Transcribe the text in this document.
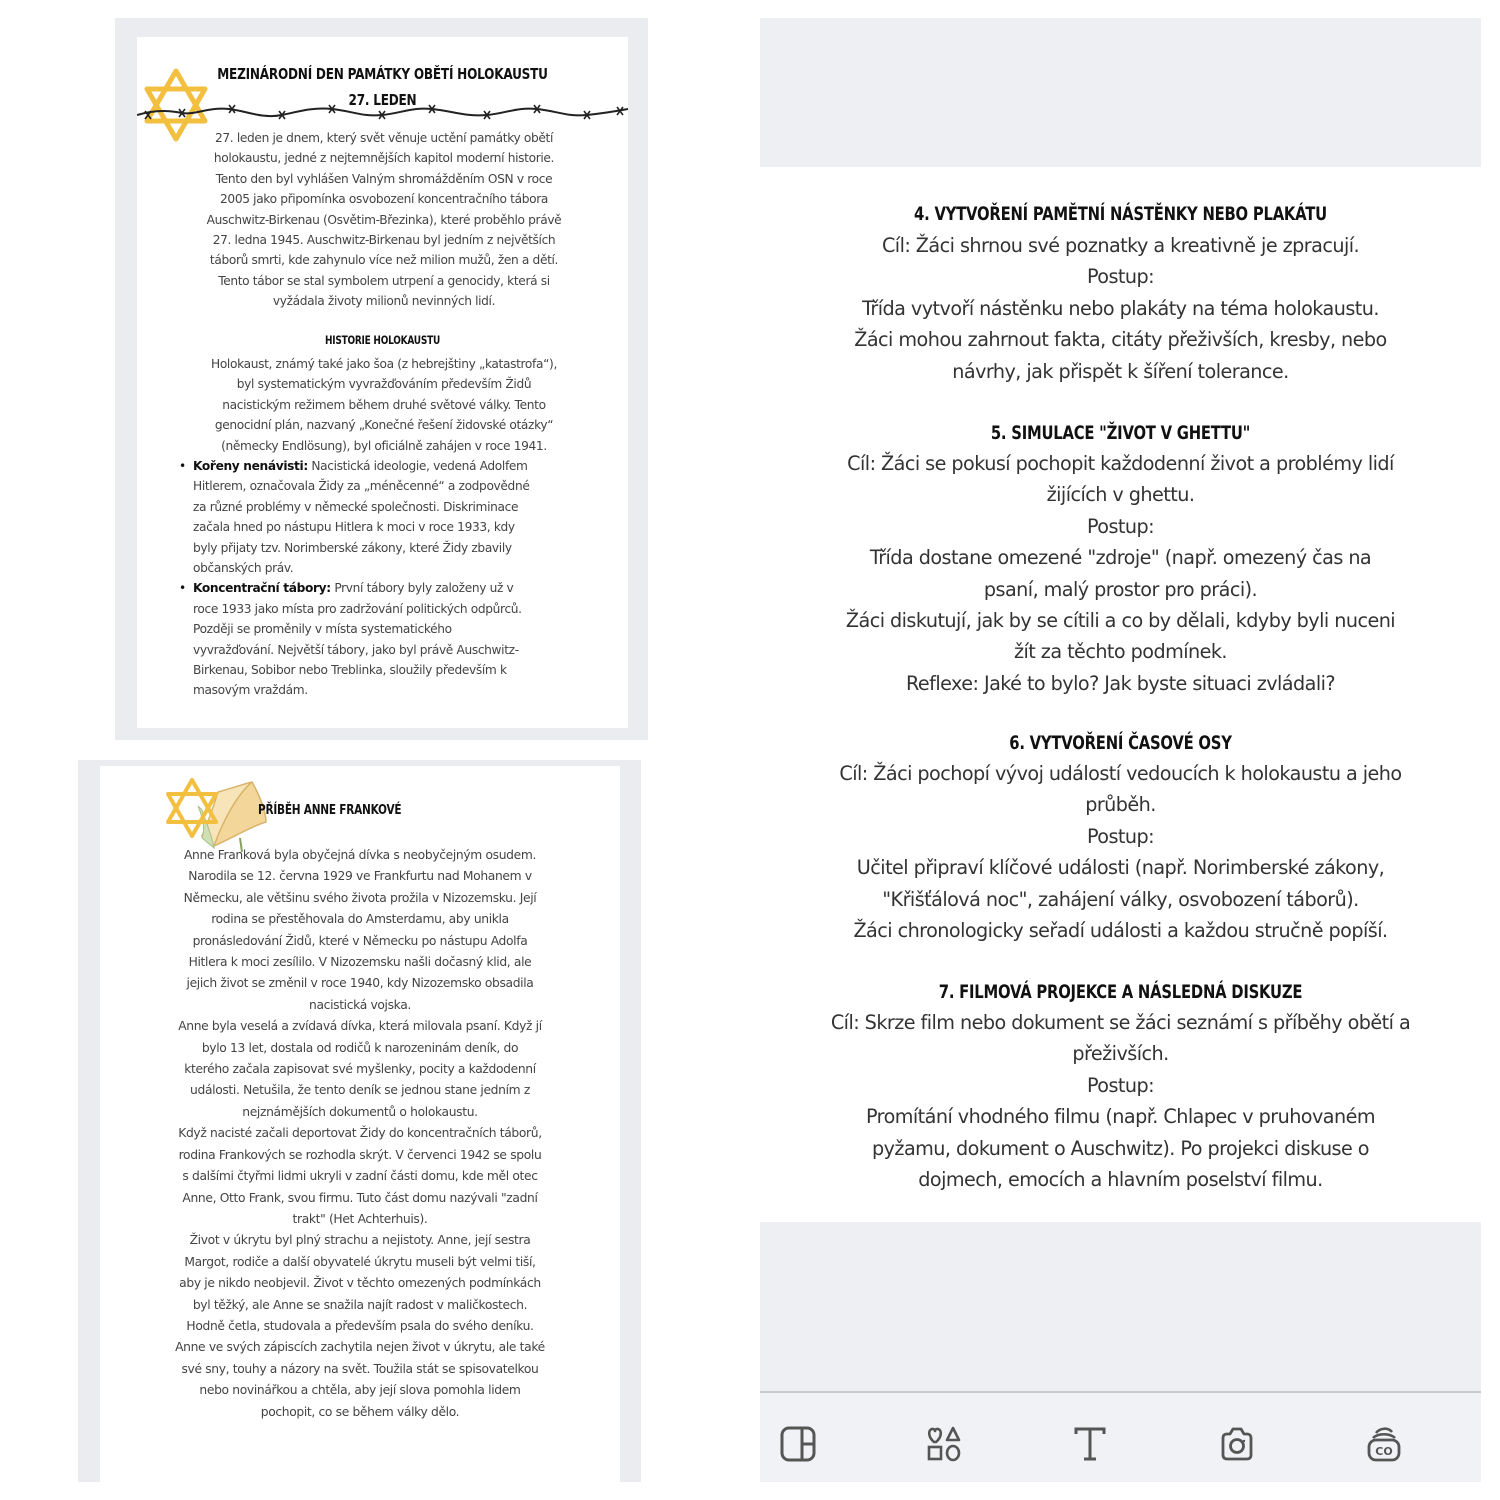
MEZINÁRODNÍ DEN PAMÁTKY OBĚTÍ HOLOKAUSTU
27. LEDEN
27. leden je dnem, který svět věnuje uctění památky obětí
holokaustu, jedné z nejtemnějších kapitol moderní historie.
Tento den byl vyhlášen Valným shromážděním OSN v roce
2005 jako připomínka osvobození koncentračního tábora
Auschwitz-Birkenau (Osvětim-Březinka), které proběhlo právě
27. ledna 1945. Auschwitz-Birkenau byl jedním z největších
táborů smrti, kde zahynulo více než milion mužů, žen a dětí.
Tento tábor se stal symbolem utrpení a genocidy, která si
vyžádala životy milionů nevinných lidí.
HISTORIE HOLOKAUSTU
Holokaust, známý také jako šoa (z hebrejštiny „katastrofa“),
byl systematickým vyvražďováním především Židů
nacistickým režimem během druhé světové války. Tento
genocidní plán, nazvaný „Konečné řešení židovské otázky“
(německy Endlösung), byl oficiálně zahájen v roce 1941.
• Kořeny nenávisti: Nacistická ideologie, vedená Adolfem
Hitlerem, označovala Židy za „méněcenné“ a zodpovědné
za různé problémy v německé společnosti. Diskriminace
začala hned po nástupu Hitlera k moci v roce 1933, kdy
byly přijaty tzv. Norimberské zákony, které Židy zbavily
občanských práv.
• Koncentrační tábory: První tábory byly založeny už v
roce 1933 jako místa pro zadržování politických odpůrců.
Později se proměnily v místa systematického
vyvražďování. Největší tábory, jako byl právě Auschwitz-
Birkenau, Sobibor nebo Treblinka, sloužily především k
masovým vraždám.
PŘÍBĚH ANNE FRANKOVÉ
Anne Franková byla obyčejná dívka s neobyčejným osudem.
Narodila se 12. června 1929 ve Frankfurtu nad Mohanem v
Německu, ale většinu svého života prožila v Nizozemsku. Její
rodina se přestěhovala do Amsterdamu, aby unikla
pronásledování Židů, které v Německu po nástupu Adolfa
Hitlera k moci zesílilo. V Nizozemsku našli dočasný klid, ale
jejich život se změnil v roce 1940, kdy Nizozemsko obsadila
nacistická vojska.
Anne byla veselá a zvídavá dívka, která milovala psaní. Když jí
bylo 13 let, dostala od rodičů k narozeninám deník, do
kterého začala zapisovat své myšlenky, pocity a každodenní
události. Netušila, že tento deník se jednou stane jedním z
nejznámějších dokumentů o holokaustu.
Když nacisté začali deportovat Židy do koncentračních táborů,
rodina Frankových se rozhodla skrýt. V červenci 1942 se spolu
s dalšími čtyřmi lidmi ukryli v zadní části domu, kde měl otec
Anne, Otto Frank, svou firmu. Tuto část domu nazývali "zadní
trakt" (Het Achterhuis).
Život v úkrytu byl plný strachu a nejistoty. Anne, její sestra
Margot, rodiče a další obyvatelé úkrytu museli být velmi tiší,
aby je nikdo neobjevil. Život v těchto omezených podmínkách
byl těžký, ale Anne se snažila najít radost v maličkostech.
Hodně četla, studovala a především psala do svého deníku.
Anne ve svých zápiscích zachytila nejen život v úkrytu, ale také
své sny, touhy a názory na svět. Toužila stát se spisovatelkou
nebo novinářkou a chtěla, aby její slova pomohla lidem
pochopit, co se během války dělo.
4. VYTVOŘENÍ PAMĚTNÍ NÁSTĚNKY NEBO PLAKÁTU
Cíl: Žáci shrnou své poznatky a kreativně je zpracují.
Postup:
Třída vytvoří nástěnku nebo plakáty na téma holokaustu.
Žáci mohou zahrnout fakta, citáty přeživších, kresby, nebo
návrhy, jak přispět k šíření tolerance.
5. SIMULACE "ŽIVOT V GHETTU"
Cíl: Žáci se pokusí pochopit každodenní život a problémy lidí
žijících v ghettu.
Postup:
Třída dostane omezené "zdroje" (např. omezený čas na
psaní, malý prostor pro práci).
Žáci diskutují, jak by se cítili a co by dělali, kdyby byli nuceni
žít za těchto podmínek.
Reflexe: Jaké to bylo? Jak byste situaci zvládali?
6. VYTVOŘENÍ ČASOVÉ OSY
Cíl: Žáci pochopí vývoj událostí vedoucích k holokaustu a jeho
průběh.
Postup:
Učitel připraví klíčové události (např. Norimberské zákony,
"Křišťálová noc", zahájení války, osvobození táborů).
Žáci chronologicky seřadí události a každou stručně popíší.
7. FILMOVÁ PROJEKCE A NÁSLEDNÁ DISKUZE
Cíl: Skrze film nebo dokument se žáci seznámí s příběhy obětí a
přeživších.
Postup:
Promítání vhodného filmu (např. Chlapec v pruhovaném
pyžamu, dokument o Auschwitz). Po projekci diskuse o
dojmech, emocích a hlavním poselství filmu.
CO
